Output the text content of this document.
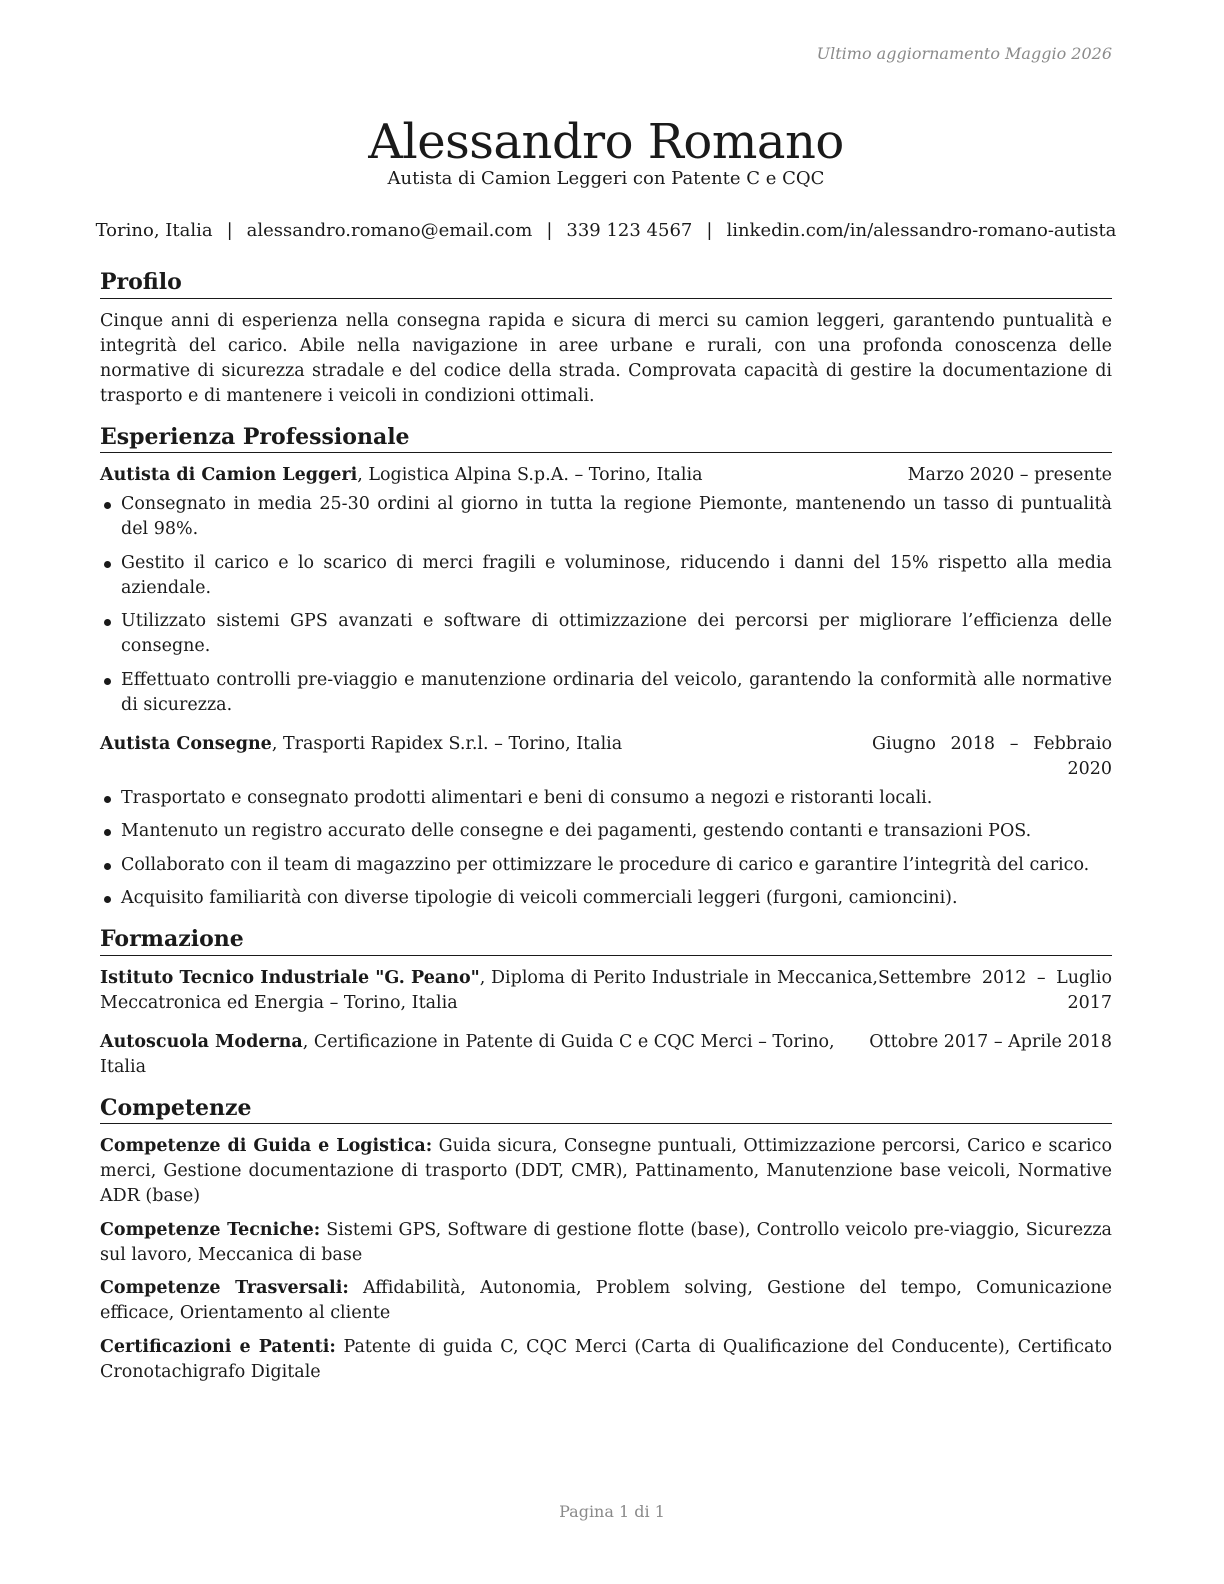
Ultimo aggiornamento Maggio 2026
Alessandro Romano
Autista di Camion Leggeri con Patente C e CQC
Torino, Italia | alessandro.romano@email.com | 339 123 4567 | linkedin.com/in/alessandro-romano-autista
Profilo

Cinque anni di esperienza nella consegna rapida e sicura di merci su camion leggeri, garantendo puntualità e integrità del carico. Abile nella navigazione in aree urbane e rurali, con una profonda conoscenza delle normative di sicurezza stradale e del codice della strada. Comprovata capacità di gestire la documentazione di trasporto e di mantenere i veicoli in condizioni ottimali.

Esperienza Professionale
Autista di Camion Leggeri, Logistica Alpina S.p.A. – Torino, Italia	Marzo 2020 – presente
Consegnato in media 25-30 ordini al giorno in tutta la regione Piemonte, mantenendo un tasso di puntualità del 98%.
Gestito il carico e lo scarico di merci fragili e voluminose, riducendo i danni del 15% rispetto alla media aziendale.
Utilizzato sistemi GPS avanzati e software di ottimizzazione dei percorsi per migliorare l’efficienza delle consegne.
Effettuato controlli pre-viaggio e manutenzione ordinaria del veicolo, garantendo la conformità alle normative di sicurezza.
Autista Consegne, Trasporti Rapidex S.r.l. – Torino, Italia	Giugno 2018 – Febbraio 2020
Trasportato e consegnato prodotti alimentari e beni di consumo a negozi e ristoranti locali.
Mantenuto un registro accurato delle consegne e dei pagamenti, gestendo contanti e transazioni POS.
Collaborato con il team di magazzino per ottimizzare le procedure di carico e garantire l’integrità del carico.
Acquisito familiarità con diverse tipologie di veicoli commerciali leggeri (furgoni, camioncini).
Formazione
Istituto Tecnico Industriale "G. Peano", Diploma di Perito Industriale in Meccanica, Meccatronica ed Energia – Torino, Italia
Settembre 2012 – Luglio 2017
Autoscuola Moderna, Certificazione in Patente di Guida C e CQC Merci – Torino, Italia
Ottobre 2017 – Aprile 2018
Competenze
Competenze di Guida e Logistica: Guida sicura, Consegne puntuali, Ottimizzazione percorsi, Carico e scarico merci, Gestione documentazione di trasporto (DDT, CMR), Pattinamento, Manutenzione base veicoli, Normative ADR (base)
Competenze Tecniche: Sistemi GPS, Software di gestione flotte (base), Controllo veicolo pre-viaggio, Sicurezza sul lavoro, Meccanica di base
Competenze Trasversali: Affidabilità, Autonomia, Problem solving, Gestione del tempo, Comunicazione efficace, Orientamento al cliente
Certificazioni e Patenti: Patente di guida C, CQC Merci (Carta di Qualificazione del Conducente), Certificato Cronotachigrafo Digitale
Pagina 1 di 1
